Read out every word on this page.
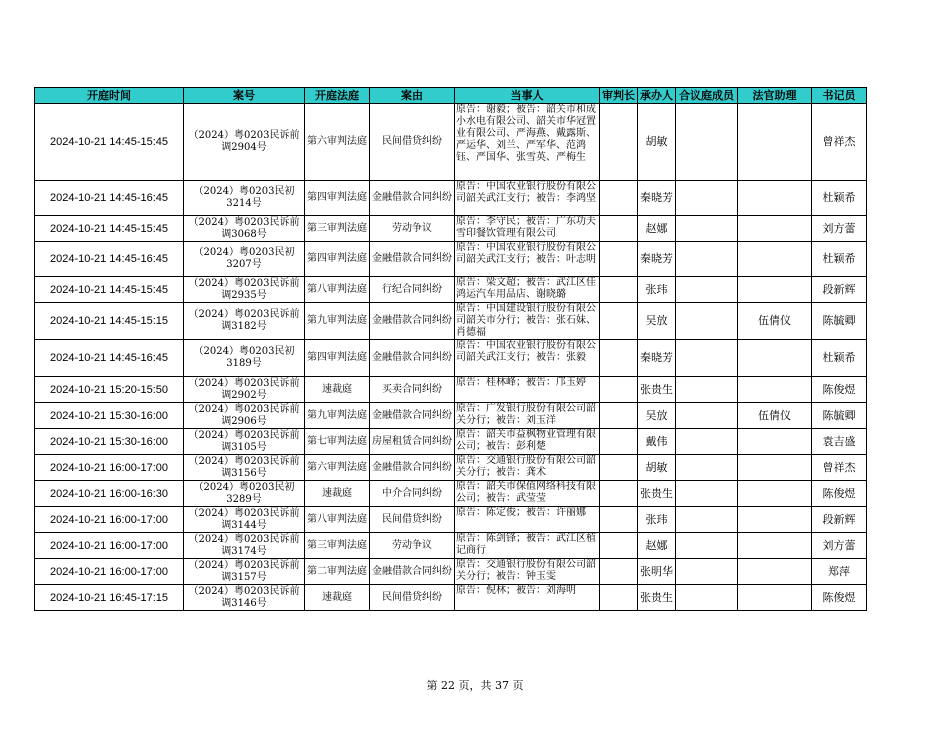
开庭时间	案号	开庭法庭	案由	当事人	审判长	承办人	合议庭成员	法官助理	书记员
2024-10-21 14:45-15:45	（2024）粤0203民诉前调2904号	第六审判法庭	民间借贷纠纷	原告：谢毅；被告：韶关市和成小水电有限公司、韶关市华冠置业有限公司、严海燕、戴露斯、严运华、刘兰、严军华、范鸿钰、严国华、张雪英、严梅生		胡敏			曾祥杰
2024-10-21 14:45-16:45	（2024）粤0203民初3214号	第四审判法庭	金融借款合同纠纷	原告：中国农业银行股份有限公司韶关武江支行；被告：李鸿坚		秦晓芳			杜颖希
2024-10-21 14:45-15:45	（2024）粤0203民诉前调3068号	第三审判法庭	劳动争议	原告：李守民；被告：广东功夫雪印餐饮管理有限公司		赵娜			刘方蕾
2024-10-21 14:45-16:45	（2024）粤0203民初3207号	第四审判法庭	金融借款合同纠纷	原告：中国农业银行股份有限公司韶关武江支行；被告：叶志明		秦晓芳			杜颖希
2024-10-21 14:45-15:45	（2024）粤0203民诉前调2935号	第八审判法庭	行纪合同纠纷	原告：梁文超；被告：武江区佳鸿运汽车用品店、谢晓璐		张玮			段新辉
2024-10-21 14:45-15:15	（2024）粤0203民诉前调3182号	第九审判法庭	金融借款合同纠纷	原告：中国建设银行股份有限公司韶关市分行；被告：张石妹、肖德福		吴放		伍倩仪	陈毓卿
2024-10-21 14:45-16:45	（2024）粤0203民初3189号	第四审判法庭	金融借款合同纠纷	原告：中国农业银行股份有限公司韶关武江支行；被告：张毅		秦晓芳			杜颖希
2024-10-21 15:20-15:50	（2024）粤0203民诉前调2902号	速裁庭	买卖合同纠纷	原告：桂林峰；被告：邝玉婷		张贵生			陈俊煜
2024-10-21 15:30-16:00	（2024）粤0203民诉前调2906号	第九审判法庭	金融借款合同纠纷	原告：广发银行股份有限公司韶关分行；被告：刘玉洋		吴放		伍倩仪	陈毓卿
2024-10-21 15:30-16:00	（2024）粤0203民诉前调3105号	第七审判法庭	房屋租赁合同纠纷	原告：韶关市益枫物业管理有限公司；被告：彭利楚		戴伟			袁吉盛
2024-10-21 16:00-17:00	（2024）粤0203民诉前调3156号	第六审判法庭	金融借款合同纠纷	原告：交通银行股份有限公司韶关分行；被告：龚术		胡敏			曾祥杰
2024-10-21 16:00-16:30	（2024）粤0203民初3289号	速裁庭	中介合同纠纷	原告：韶关市保值网络科技有限公司；被告：武莹莹		张贵生			陈俊煜
2024-10-21 16:00-17:00	（2024）粤0203民诉前调3144号	第八审判法庭	民间借贷纠纷	原告：陈定俊；被告：许丽娜		张玮			段新辉
2024-10-21 16:00-17:00	（2024）粤0203民诉前调3174号	第三审判法庭	劳动争议	原告：陈剑锋；被告：武江区植记商行		赵娜			刘方蕾
2024-10-21 16:00-17:00	（2024）粤0203民诉前调3157号	第二审判法庭	金融借款合同纠纷	原告：交通银行股份有限公司韶关分行；被告：钟玉雯		张明华			郑萍
2024-10-21 16:45-17:15	（2024）粤0203民诉前调3146号	速裁庭	民间借贷纠纷	原告：倪林；被告：刘海明		张贵生			陈俊煜
第 22 页，共 37 页
